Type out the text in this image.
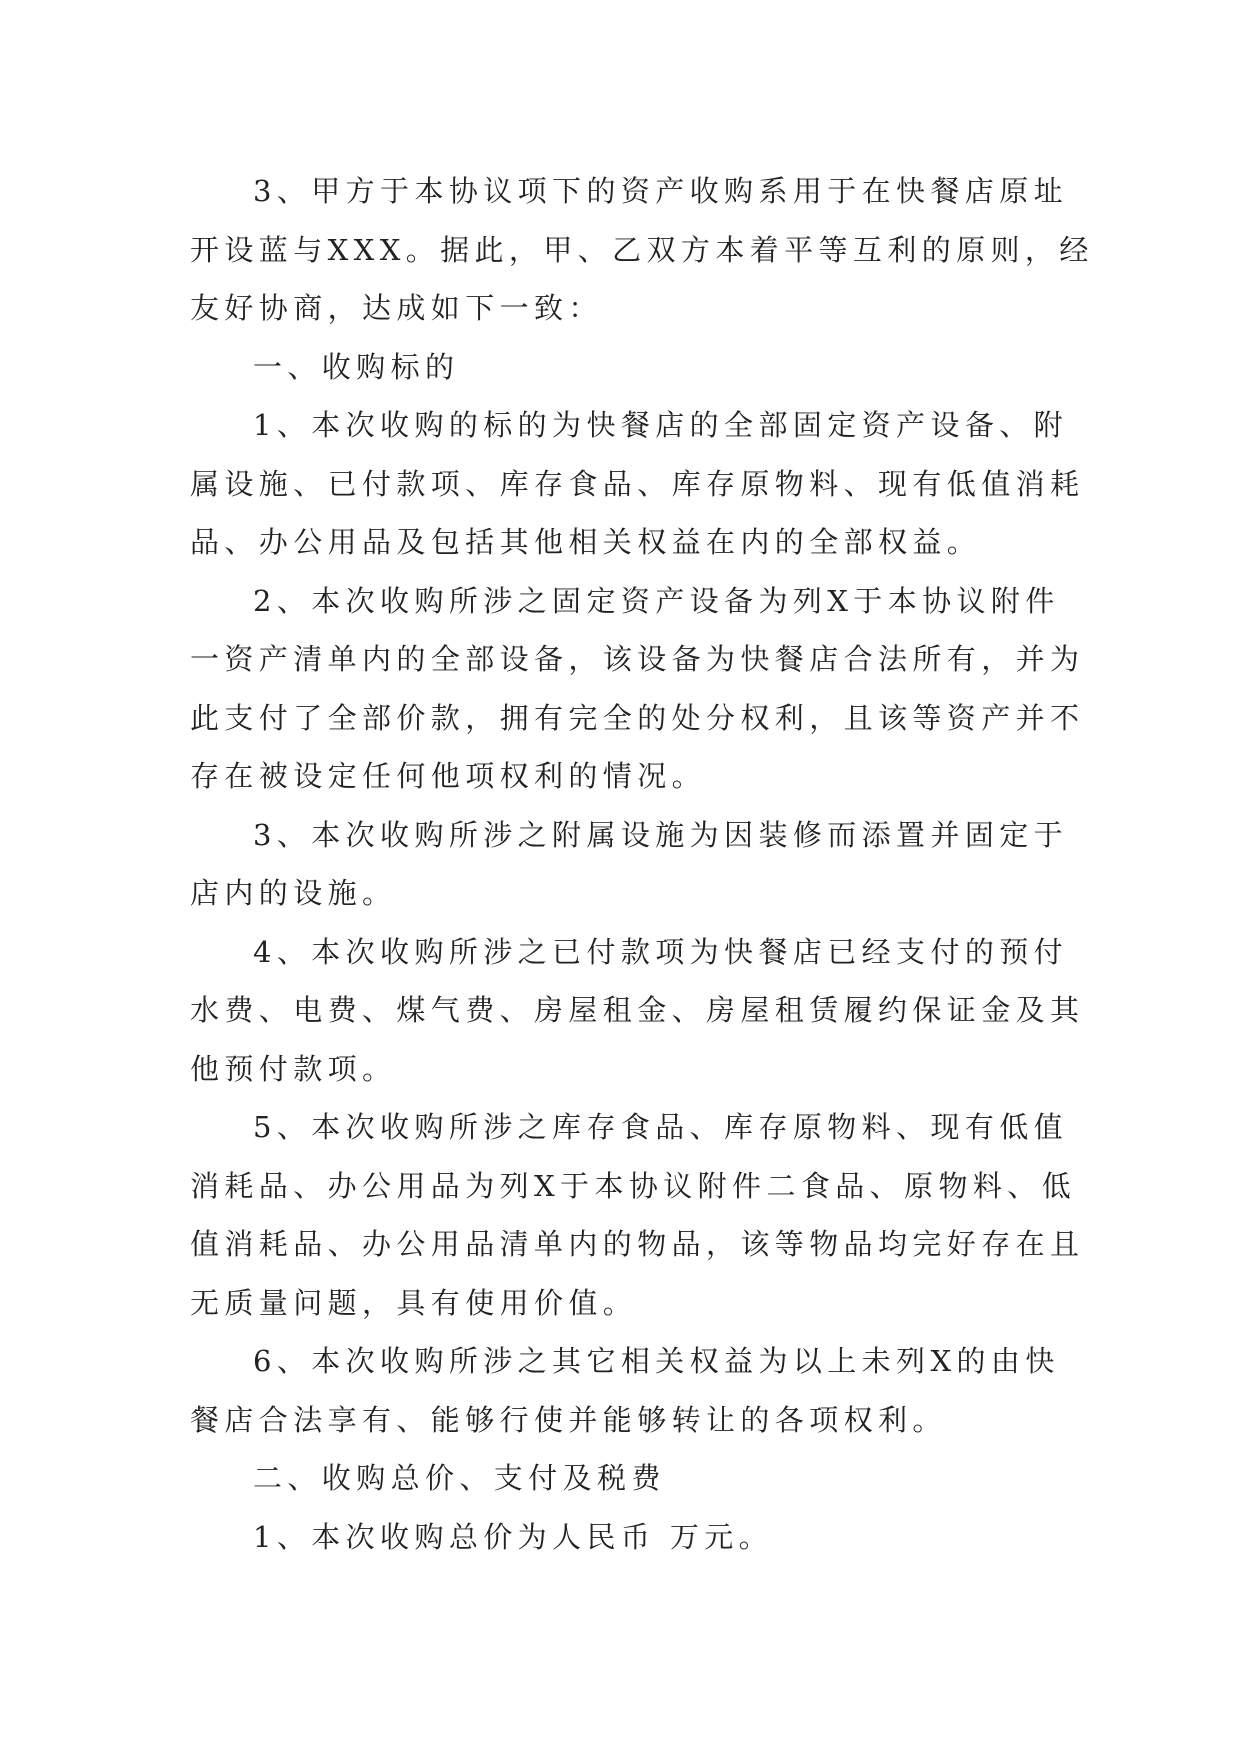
3、甲方于本协议项下的资产收购系用于在快餐店原址
开设蓝与XXX。据此，甲、乙双方本着平等互利的原则，经
友好协商，达成如下一致：
一、收购标的
1、本次收购的标的为快餐店的全部固定资产设备、附
属设施、已付款项、库存食品、库存原物料、现有低值消耗
品、办公用品及包括其他相关权益在内的全部权益。
2、本次收购所涉之固定资产设备为列X于本协议附件
一资产清单内的全部设备，该设备为快餐店合法所有，并为
此支付了全部价款，拥有完全的处分权利，且该等资产并不
存在被设定任何他项权利的情况。
3、本次收购所涉之附属设施为因装修而添置并固定于
店内的设施。
4、本次收购所涉之已付款项为快餐店已经支付的预付
水费、电费、煤气费、房屋租金、房屋租赁履约保证金及其
他预付款项。
5、本次收购所涉之库存食品、库存原物料、现有低值
消耗品、办公用品为列X于本协议附件二食品、原物料、低
值消耗品、办公用品清单内的物品，该等物品均完好存在且
无质量问题，具有使用价值。
6、本次收购所涉之其它相关权益为以上未列X的由快
餐店合法享有、能够行使并能够转让的各项权利。
二、收购总价、支付及税费
1、本次收购总价为人民币 万元。
